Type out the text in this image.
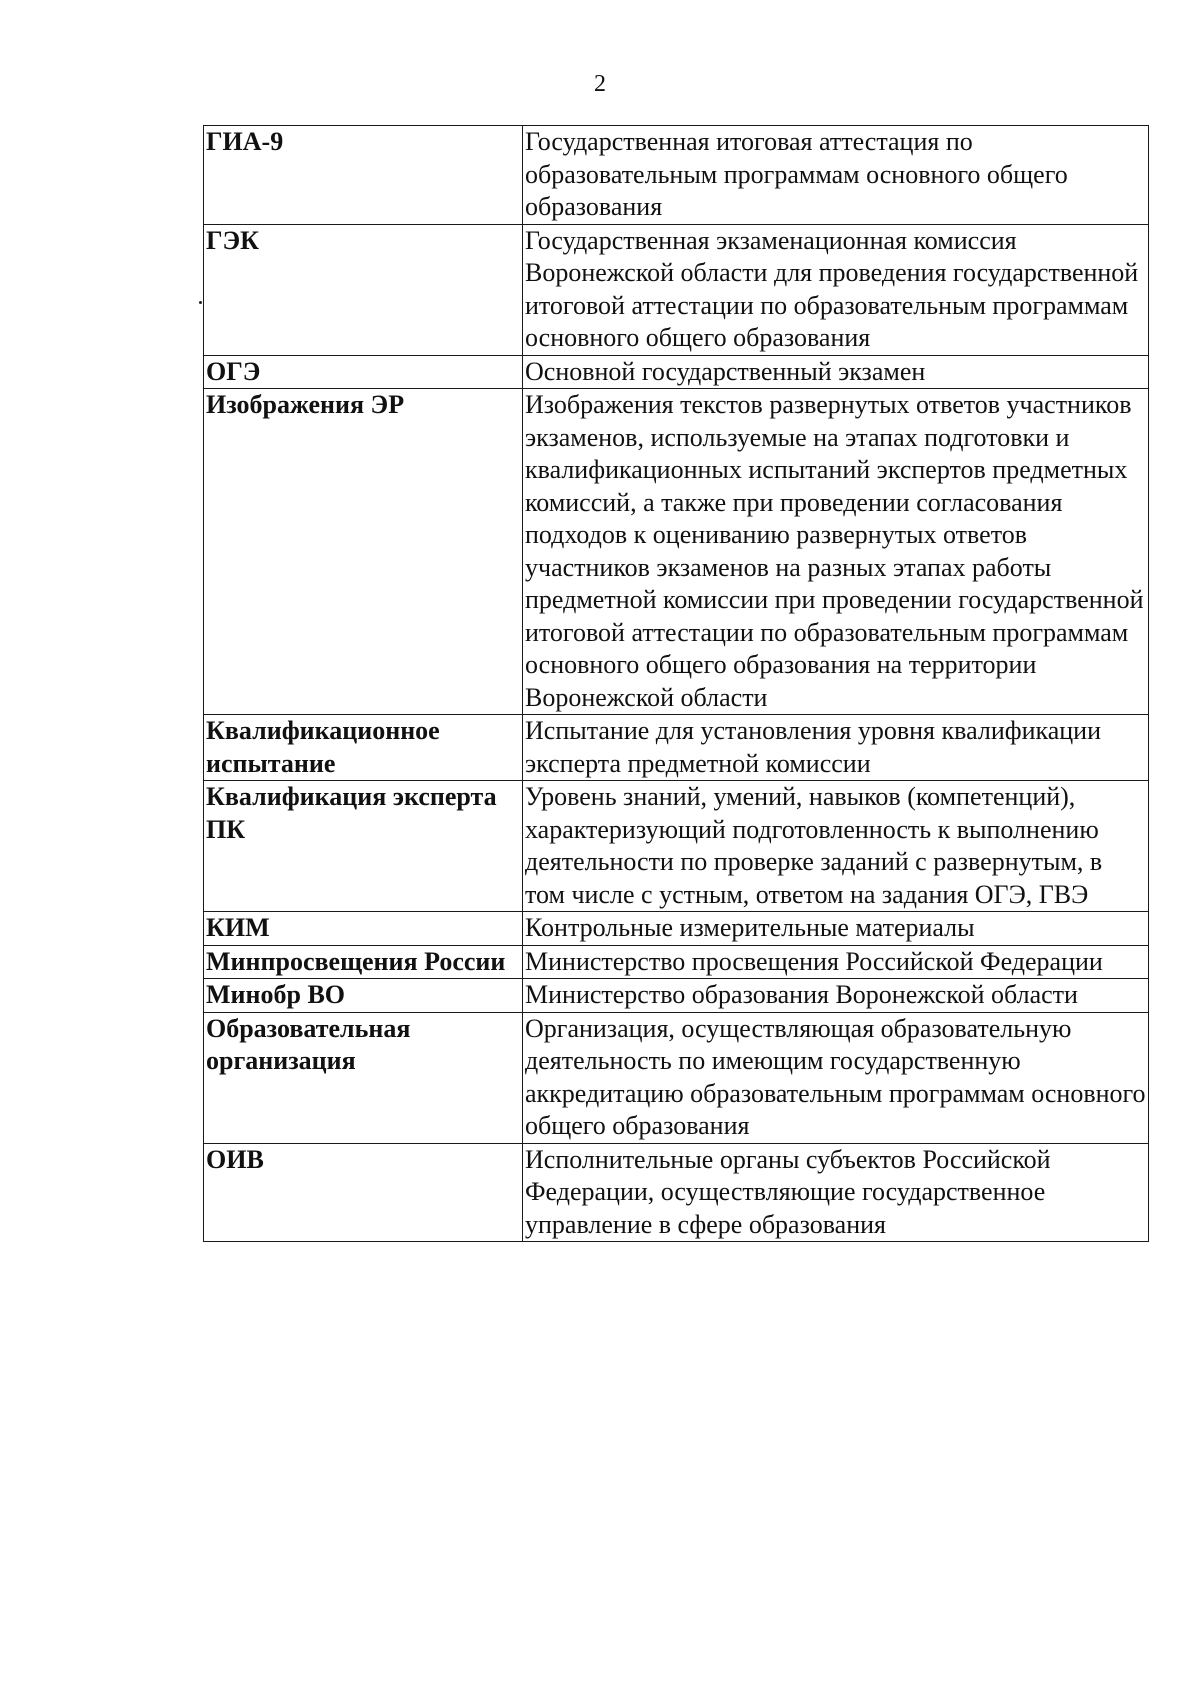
2
ГИА-9	Государственная итоговая аттестация по образовательным программам основного общего образования
ГЭК	Государственная экзаменационная комиссия Воронежской области для проведения государственной итоговой аттестации по образовательным программам основного общего образования
ОГЭ	Основной государственный экзамен
Изображения ЭР	Изображения текстов развернутых ответов участников экзаменов, используемые на этапах подготовки и квалификационных испытаний экспертов предметных комиссий, а также при проведении согласования подходов к оцениванию развернутых ответов участников экзаменов на разных этапах работы предметной комиссии при проведении государственной итоговой аттестации по образовательным программам основного общего образования на территории Воронежской области
Квалификационное испытание	Испытание для установления уровня квалификации эксперта предметной комиссии
Квалификация эксперта ПК	Уровень знаний, умений, навыков (компетенций), характеризующий подготовленность к выполнению деятельности по проверке заданий с развернутым, в том числе с устным, ответом на задания ОГЭ, ГВЭ
КИМ	Контрольные измерительные материалы
Минпросвещения России	Министерство просвещения Российской Федерации
Минобр ВО	Министерство образования Воронежской области
Образовательная организация	Организация, осуществляющая образовательную деятельность по имеющим государственную аккредитацию образовательным программам основного общего образования
ОИВ	Исполнительные органы субъектов Российской Федерации, осуществляющие государственное управление в сфере образования
